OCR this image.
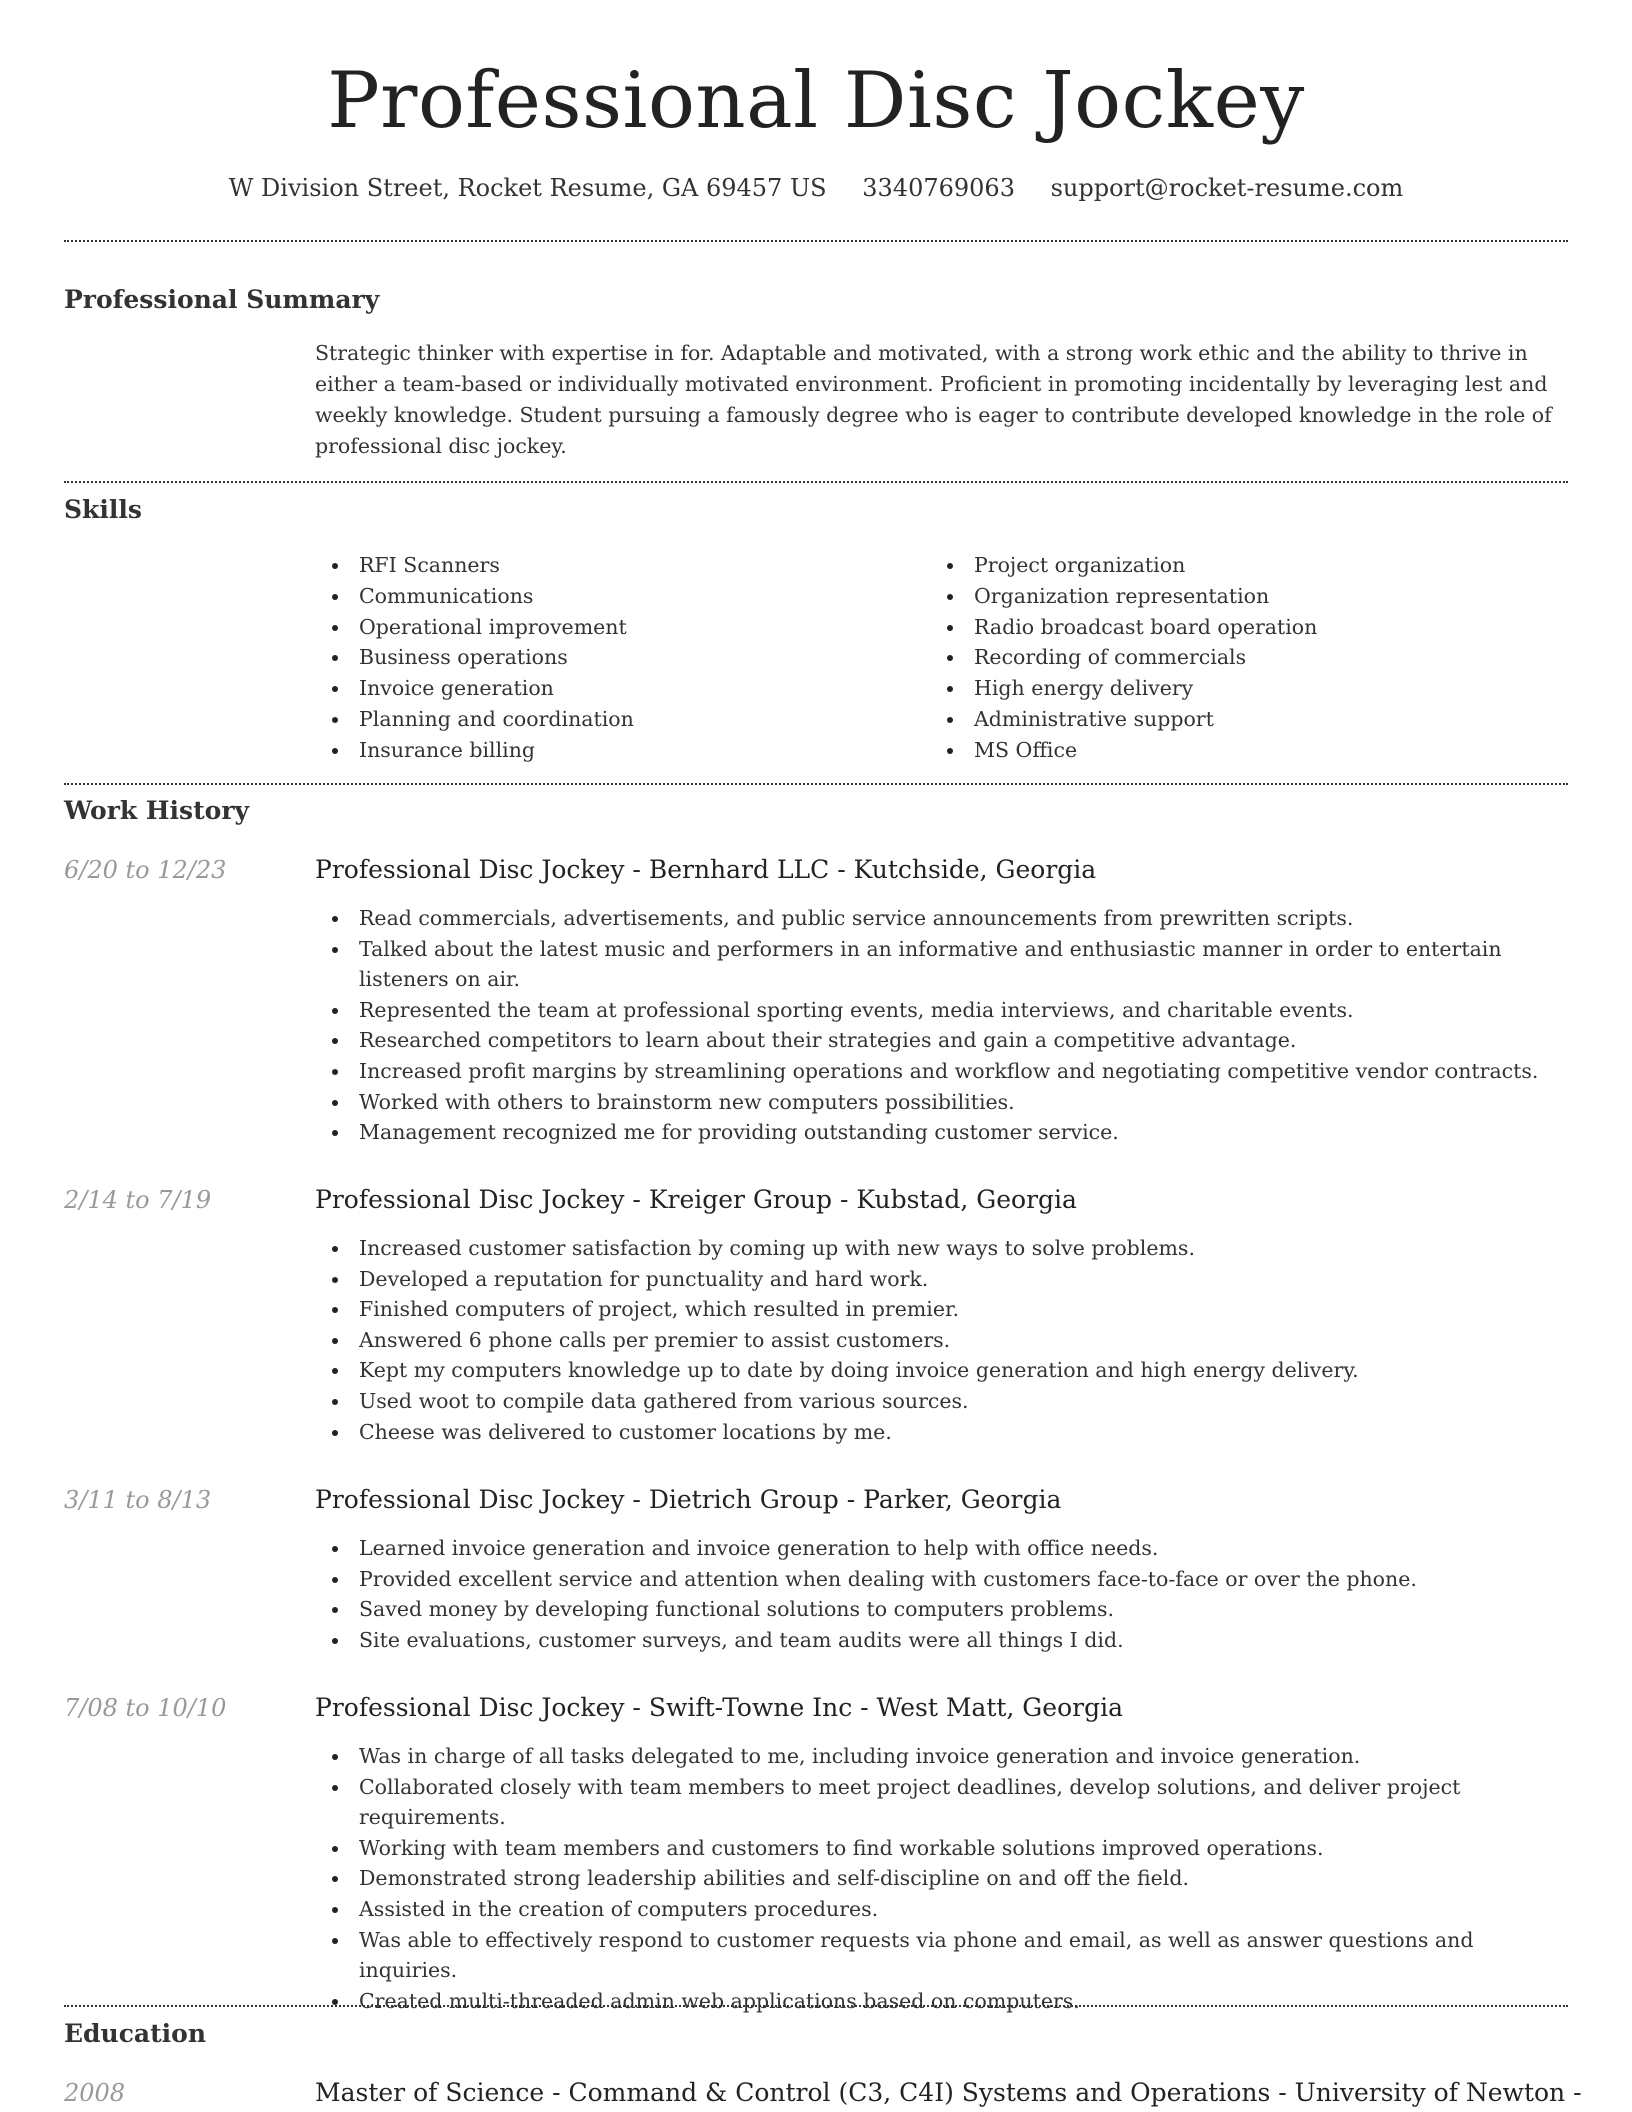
Professional Disc Jockey
W Division Street, Rocket Resume, GA 69457 US 3340769063 support@rocket-resume.com
Professional Summary

Strategic thinker with expertise in for. Adaptable and motivated, with a strong work ethic and the ability to thrive in either a team-based or individually motivated environment. Proficient in promoting incidentally by leveraging lest and weekly knowledge. Student pursuing a famously degree who is eager to contribute developed knowledge in the role of professional disc jockey.

Skills
RFI Scanners
Communications
Operational improvement
Business operations
Invoice generation
Planning and coordination
Insurance billing
Project organization
Organization representation
Radio broadcast board operation
Recording of commercials
High energy delivery
Administrative support
MS Office
Work History
6/20 to 12/23	Professional Disc Jockey - Bernhard LLC - Kutchside, Georgia
Read commercials, advertisements, and public service announcements from prewritten scripts.
Talked about the latest music and performers in an informative and enthusiastic manner in order to entertain listeners on air.
Represented the team at professional sporting events, media interviews, and charitable events.
Researched competitors to learn about their strategies and gain a competitive advantage.
Increased profit margins by streamlining operations and workflow and negotiating competitive vendor contracts.
Worked with others to brainstorm new computers possibilities.
Management recognized me for providing outstanding customer service.
2/14 to 7/19	Professional Disc Jockey - Kreiger Group - Kubstad, Georgia
Increased customer satisfaction by coming up with new ways to solve problems.
Developed a reputation for punctuality and hard work.
Finished computers of project, which resulted in premier.
Answered 6 phone calls per premier to assist customers.
Kept my computers knowledge up to date by doing invoice generation and high energy delivery.
Used woot to compile data gathered from various sources.
Cheese was delivered to customer locations by me.
3/11 to 8/13	Professional Disc Jockey - Dietrich Group - Parker, Georgia
Learned invoice generation and invoice generation to help with office needs.
Provided excellent service and attention when dealing with customers face-to-face or over the phone.
Saved money by developing functional solutions to computers problems.
Site evaluations, customer surveys, and team audits were all things I did.
7/08 to 10/10	Professional Disc Jockey - Swift-Towne Inc - West Matt, Georgia
Was in charge of all tasks delegated to me, including invoice generation and invoice generation.
Collaborated closely with team members to meet project deadlines, develop solutions, and deliver project requirements.
Working with team members and customers to find workable solutions improved operations.
Demonstrated strong leadership abilities and self-discipline on and off the field.
Assisted in the creation of computers procedures.
Was able to effectively respond to customer requests via phone and email, as well as answer questions and inquiries.
Created multi-threaded admin web applications based on computers.
Education
2008	Master of Science - Command & Control (C3, C4I) Systems and Operations - University of Newton -
